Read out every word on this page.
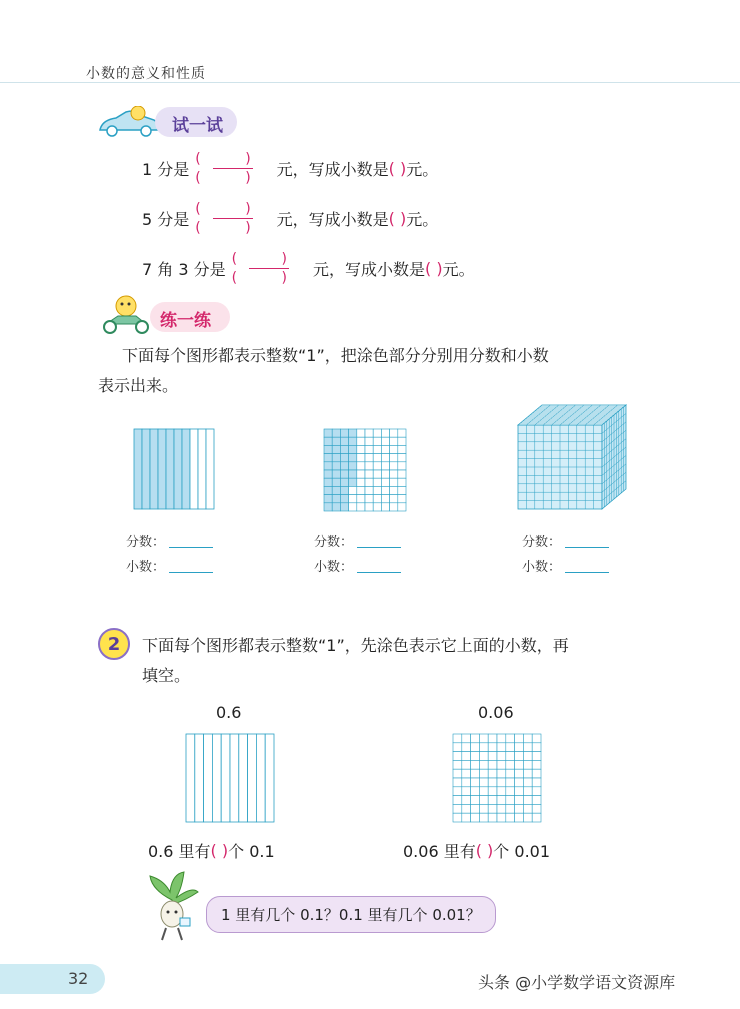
小数的意义和性质
试一试
1 分是 $\frac{( )}{( )}$ 元，写成小数是 ( ) 元。
5 分是 $\frac{( )}{( )}$ 元，写成小数是 ( ) 元。
7 角 3 分是 $\frac{( )}{( )}$ 元，写成小数是 ( ) 元。
练一练
下面每个图形都表示整数“1”，把涂色部分分别用分数和小数
表示出来。
分数：
小数：
分数：
小数：
分数：
小数：
2	下面每个图形都表示整数“1”，先涂色表示它上面的小数，再
填空。
0.6	0.06
0.6 里有 ( ) 个 0.1	0.06 里有 ( ) 个 0.01
1 里有几个 0.1？0.1 里有几个 0.01？
32	头条 @小学数学语文资源库
